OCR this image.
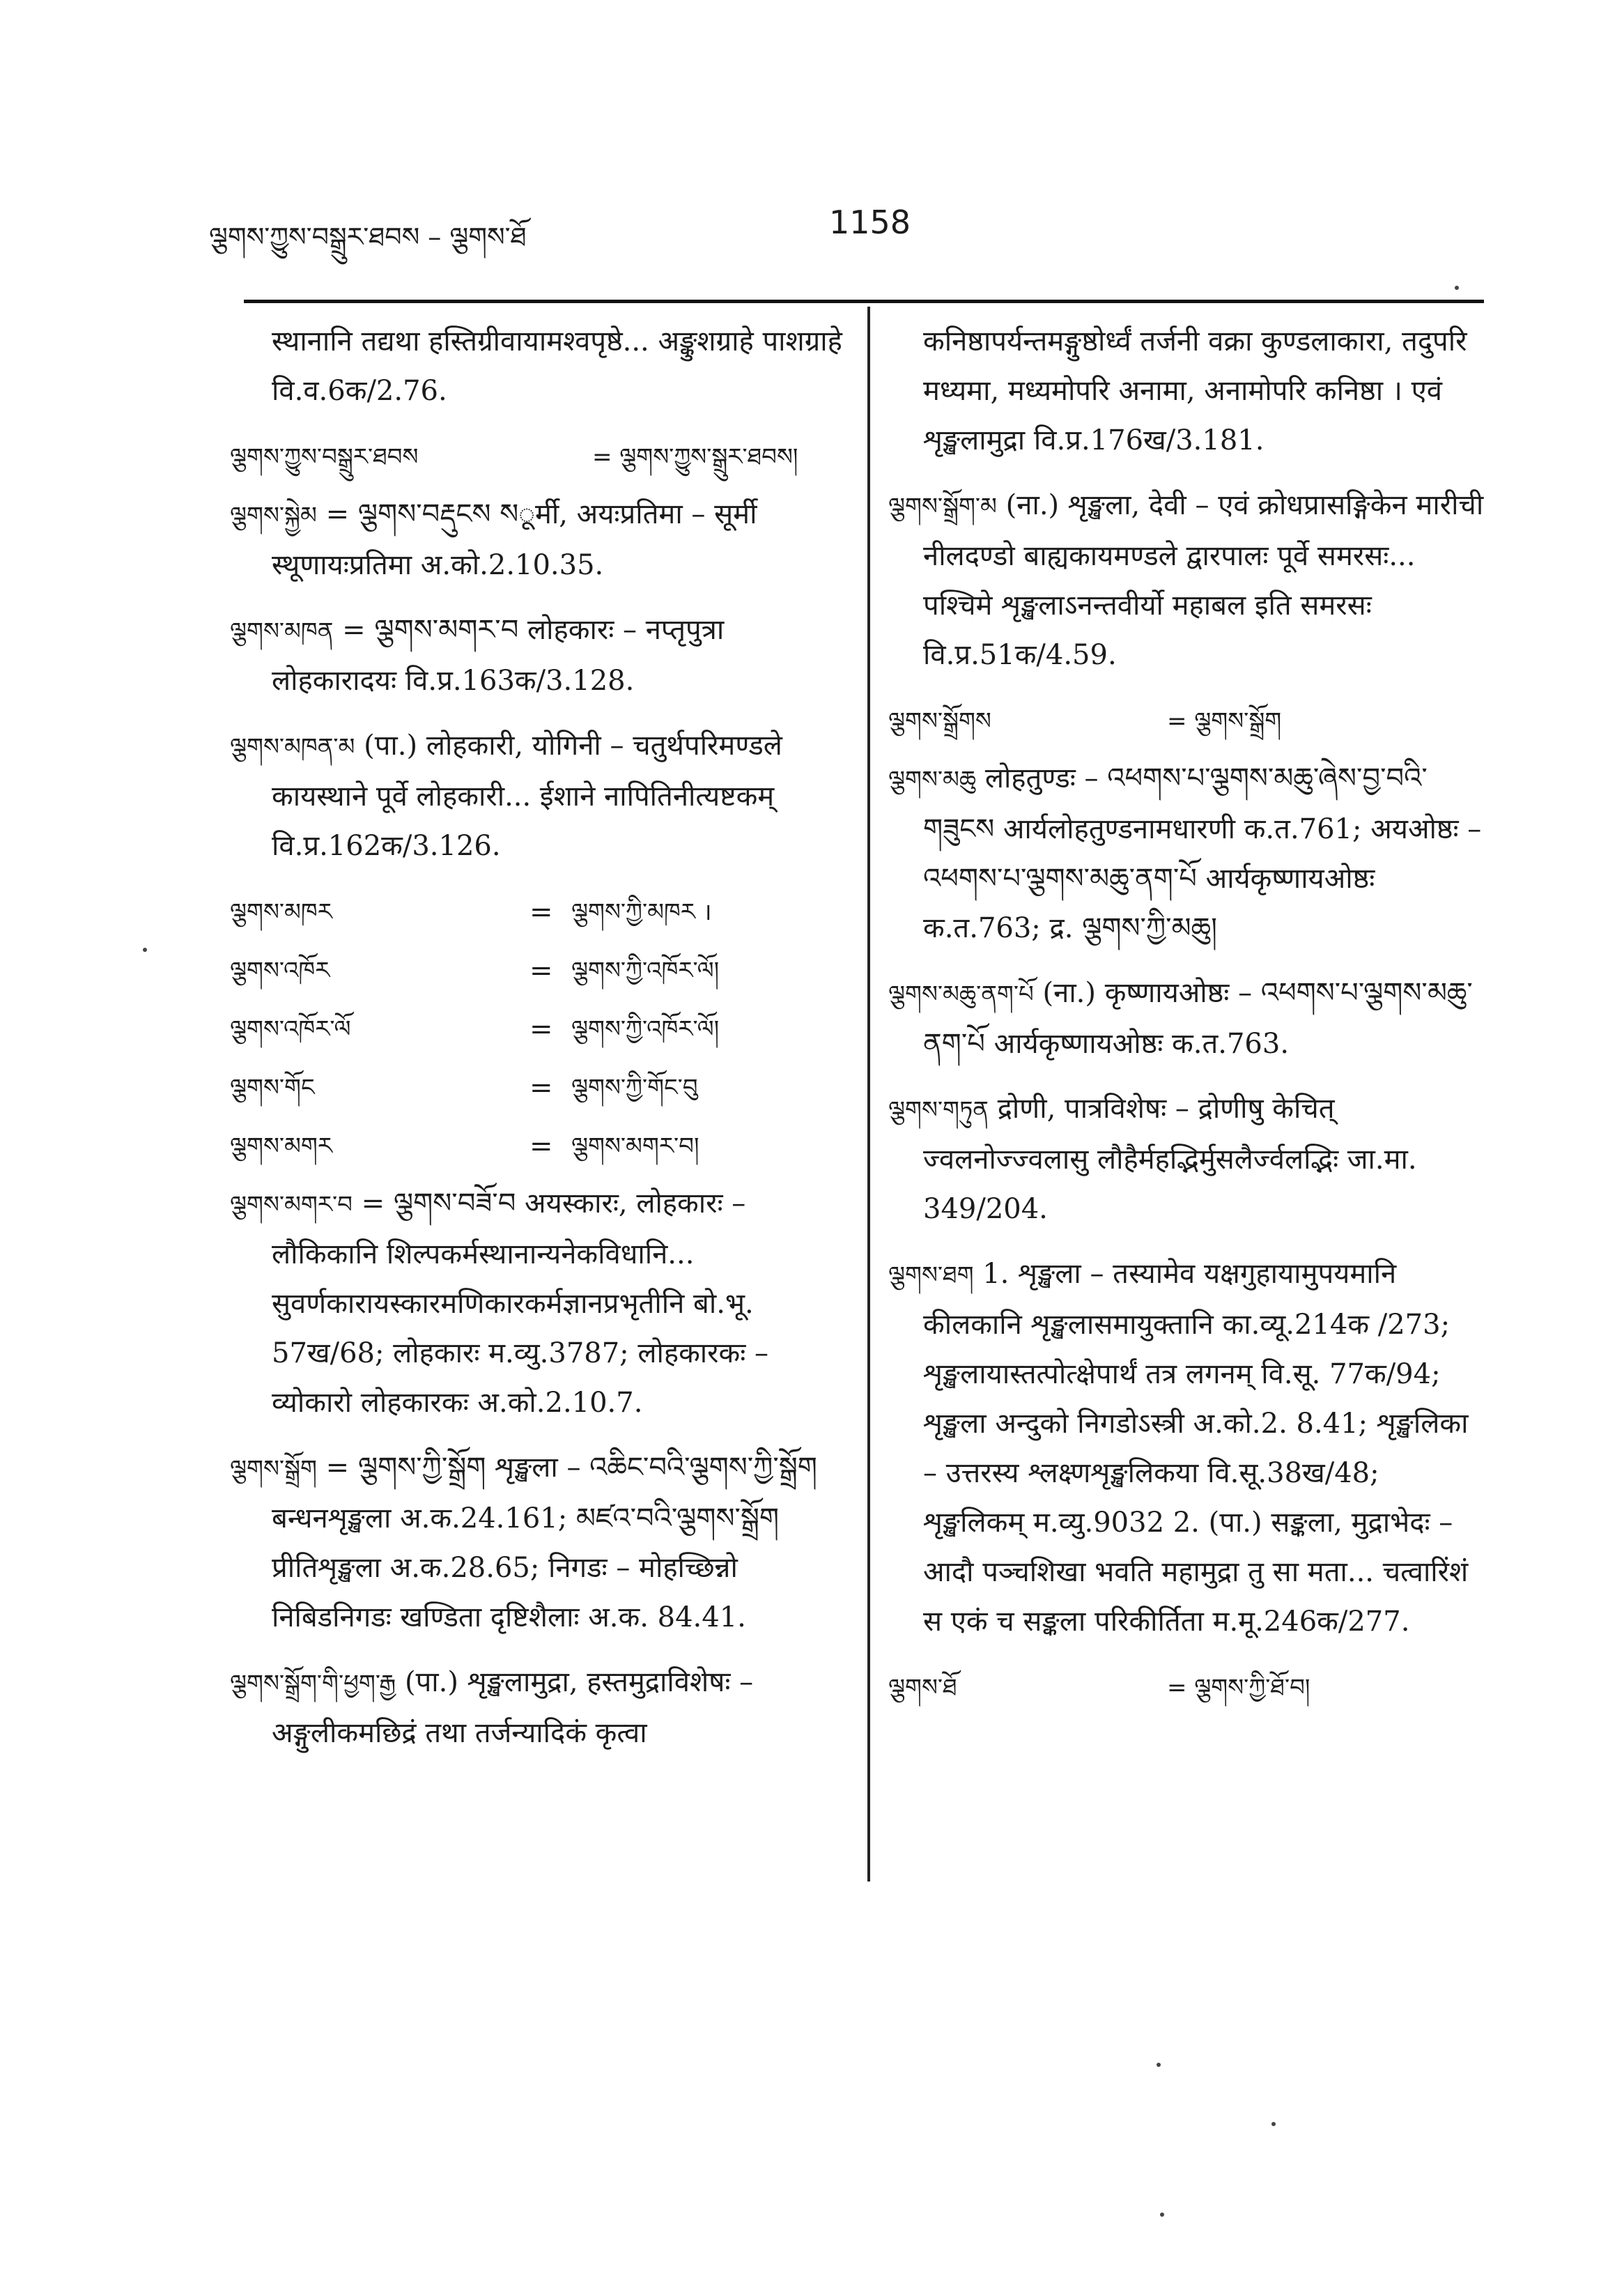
ལྕགས་ཀྱུས་བསྒྲུར་ཐབས – ལྕགས་ཐོ	1158
स्थानानि तद्यथा हस्तिग्रीवायामश्वपृष्ठे... अङ्कुशग्राहे पाशग्राहे वि.व.6क/2.76.
ལྕགས་ཀྱུས་བསྒྲུར་ཐབས	= ལྕགས་ཀྱུས་སྒྲུར་ཐབས།
ལྕགས་སྐྱེམ = ལྕགས་བརྡུངས སूर्मी, अयःप्रतिमा – सूर्मी स्थूणायःप्रतिमा अ.को.2.10.35.
ལྕགས་མཁན = ལྕགས་མགར་བ लोहकारः – नप्तृपुत्रा लोहकारादयः वि.प्र.163क/3.128.
ལྕགས་མཁན་མ (पा.) लोहकारी, योगिनी – चतुर्थपरिमण्डले कायस्थाने पूर्वे लोहकारी... ईशाने नापितिनीत्यष्टकम् वि.प्र.162क/3.126.
ལྕགས་མཁར	= ལྕགས་ཀྱི་མཁར ।
ལྕགས་འཁོར	= ལྕགས་ཀྱི་འཁོར་ལོ།
ལྕགས་འཁོར་ལོ	= ལྕགས་ཀྱི་འཁོར་ལོ།
ལྕགས་གོང	= ལྕགས་ཀྱི་གོང་བུ
ལྕགས་མགར	= ལྕགས་མགར་བ།
ལྕགས་མགར་བ = ལྕགས་བཟོ་བ अयस्कारः, लोहकारः – लौकिकानि शिल्पकर्मस्थानान्यनेकविधानि... सुवर्णकारायस्कारमणिकारकर्मज्ञानप्रभृतीनि बो.भू. 57ख/68; लोहकारः म.व्यु.3787; लोहकारकः – व्योकारो लोहकारकः अ.को.2.10.7.
ལྕགས་སྒྲོག = ལྕགས་ཀྱི་སྒྲོག शृङ्खला – འཆིང་བའི་ལྕགས་ཀྱི་སྒྲོག बन्धनशृङ्खला अ.क.24.161; མཛའ་བའི་ལྕགས་སྒྲོག प्रीतिशृङ्खला अ.क.28.65; निगडः – मोहच्छिन्नो निबिडनिगडः खण्डिता दृष्टिशैलाः अ.क. 84.41.
ལྕགས་སྒྲོག་གི་ཕྱག་རྒྱ (पा.) शृङ्खलामुद्रा, हस्तमुद्राविशेषः – अङ्गुलीकमछिद्रं तथा तर्जन्यादिकं कृत्वा
कनिष्ठापर्यन्तमङ्गुष्ठोर्ध्वं तर्जनी वक्रा कुण्डलाकारा, तदुपरि मध्यमा, मध्यमोपरि अनामा, अनामोपरि कनिष्ठा । एवं शृङ्खलामुद्रा वि.प्र.176ख/3.181.
ལྕགས་སྒྲོག་མ (ना.) शृङ्खला, देवी – एवं क्रोधप्रासङ्गिकेन मारीची नीलदण्डो बाह्यकायमण्डले द्वारपालः पूर्वे समरसः... पश्चिमे शृङ्खलाऽनन्तवीर्यो महाबल इति समरसः वि.प्र.51क/4.59.
ལྕགས་སྒྲོགས	= ལྕགས་སྒྲོག
ལྕགས་མཆུ लोहतुण्डः – འཕགས་པ་ལྕགས་མཆུ་ཞེས་བྱ་བའི་གཟུངས आर्यलोहतुण्डनामधारणी क.त.761; अयओष्ठः – འཕགས་པ་ལྕགས་མཆུ་ནག་པོ आर्यकृष्णायओष्ठः क.त.763; द्र. ལྕགས་ཀྱི་མཆུ།
ལྕགས་མཆུ་ནག་པོ (ना.) कृष्णायओष्ठः – འཕགས་པ་ལྕགས་མཆུ་ནག་པོ आर्यकृष्णायओष्ठः क.त.763.
ལྕགས་གཏུན द्रोणी, पात्रविशेषः – द्रोणीषु केचित् ज्वलनोज्ज्वलासु लौहैर्महद्भिर्मुसलैर्ज्वलद्भिः जा.मा. 349/204.
ལྕགས་ཐག 1. शृङ्खला – तस्यामेव यक्षगुहायामुपयमानि कीलकानि शृङ्खलासमायुक्तानि का.व्यू.214क /273; शृङ्खलायास्तत्पोत्क्षेपार्थं तत्र लगनम् वि.सू. 77क/94; शृङ्खला अन्दुको निगडोऽस्त्री अ.को.2. 8.41; शृङ्खलिका – उत्तरस्य श्लक्ष्णशृङ्खलिकया वि.सू.38ख/48; शृङ्खलिकम् म.व्यु.9032 2. (पा.) सङ्कला, मुद्राभेदः – आदौ पञ्चशिखा भवति महामुद्रा तु सा मता... चत्वारिंशं स एकं च सङ्कला परिकीर्तिता म.मू.246क/277.
ལྕགས་ཐོ	= ལྕགས་ཀྱི་ཐོ་བ།
